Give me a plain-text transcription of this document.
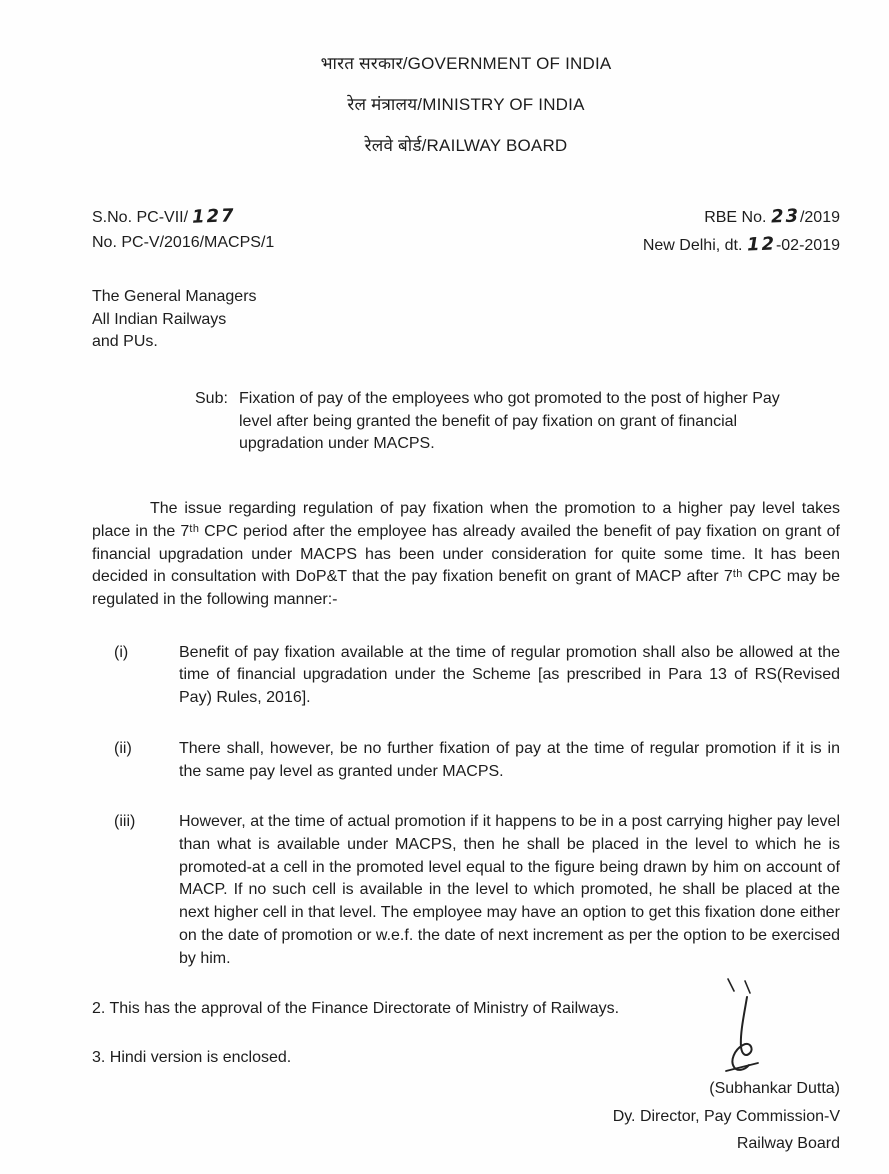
भारत सरकार/GOVERNMENT OF INDIA
रेल मंत्रालय/MINISTRY OF INDIA
रेलवे बोर्ड/RAILWAY BOARD
S.No. PC-VII/ 127
No. PC-V/2016/MACPS/1
RBE No. 23/2019
New Delhi, dt. 12-02-2019
The General Managers
All Indian Railways
and PUs.
Sub: Fixation of pay of the employees who got promoted to the post of higher Pay level after being granted the benefit of pay fixation on grant of financial upgradation under MACPS.

The issue regarding regulation of pay fixation when the promotion to a higher pay level takes place in the 7ᵗʰ CPC period after the employee has already availed the benefit of pay fixation on grant of financial upgradation under MACPS has been under consideration for quite some time. It has been decided in consultation with DoP&T that the pay fixation benefit on grant of MACP after 7ᵗʰ CPC may be regulated in the following manner:-

(i)	Benefit of pay fixation available at the time of regular promotion shall also be allowed at the time of financial upgradation under the Scheme [as prescribed in Para 13 of RS(Revised Pay) Rules, 2016].
(ii)	There shall, however, be no further fixation of pay at the time of regular promotion if it is in the same pay level as granted under MACPS.
(iii)	However, at the time of actual promotion if it happens to be in a post carrying higher pay level than what is available under MACPS, then he shall be placed in the level to which he is promoted-at a cell in the promoted level equal to the figure being drawn by him on account of MACP. If no such cell is available in the level to which promoted, he shall be placed at the next higher cell in that level. The employee may have an option to get this fixation done either on the date of promotion or w.e.f. the date of next increment as per the option to be exercised by him.

2. This has the approval of the Finance Directorate of Ministry of Railways.

3. Hindi version is enclosed.

(Subhankar Dutta)
Dy. Director, Pay Commission-V
Railway Board
